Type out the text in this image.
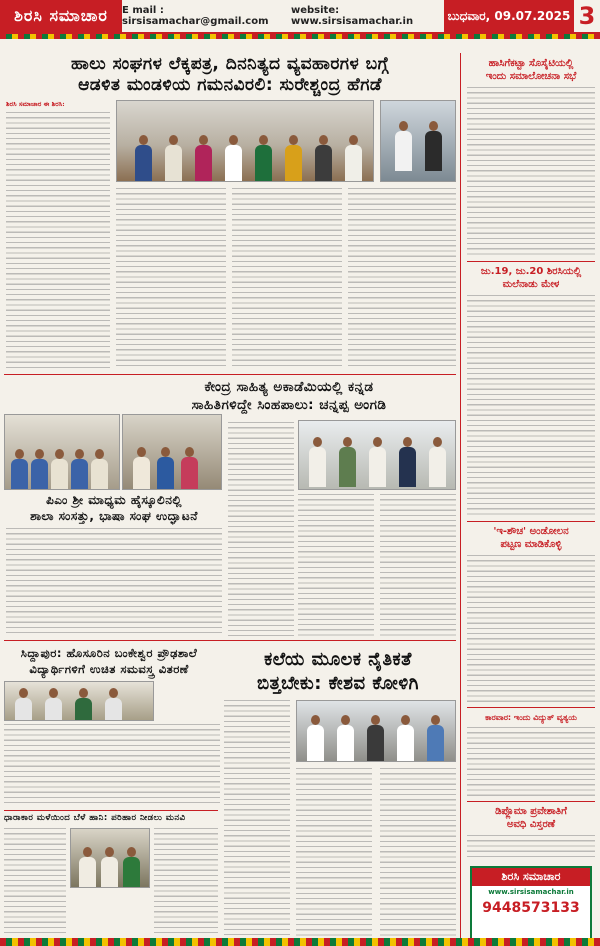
ಶಿರಸಿ ಸಮಾಚಾರ	E mail : sirsisamachar@gmail.com
website: www.sirsisamachar.in	ಬುಧವಾರ, 09.07.2025 3
ಹಾಲು ಸಂಘಗಳ ಲೆಕ್ಕಪತ್ರ, ದಿನನಿತ್ಯದ ವ್ಯವಹಾರಗಳ ಬಗ್ಗೆ
ಆಡಳಿತ ಮಂಡಳಿಯ ಗಮನವಿರಲಿ: ಸುರೇಶ್ಚಂದ್ರ ಹೆಗಡೆ
ಶಿರಸಿ ಸಮಾಚಾರ ಈ ಶಿರಸಿ:
ಕೇಂದ್ರ ಸಾಹಿತ್ಯ ಅಕಾಡೆಮಿಯಲ್ಲಿ ಕನ್ನಡ
ಸಾಹಿತಿಗಳಿದ್ದೇ ಸಿಂಹಪಾಲು: ಚನ್ನಪ್ಪ ಅಂಗಡಿ
ಪಿಎಂ ಶ್ರೀ ಮಾಧ್ಯಮ ಹೈಸ್ಕೂಲಿನಲ್ಲಿ
ಶಾಲಾ ಸಂಸತ್ತು, ಭಾಷಾ ಸಂಘ ಉದ್ಘಾಟನೆ
ಸಿದ್ದಾಪುರ: ಹೊಸೂರಿನ ಬಂಕೇಶ್ವರ ಪ್ರೌಢಶಾಲೆ
ವಿದ್ಯಾರ್ಥಿಗಳಿಗೆ ಉಚಿತ ಸಮವಸ್ತ್ರ ವಿತರಣೆ	ಕಲೆಯ ಮೂಲಕ ನೈತಿಕತೆ
ಬಿತ್ತಬೇಕು: ಕೇಶವ ಕೋಳಿಗಿ
ಧಾರಾಕಾರ ಮಳೆಯಿಂದ ಬೆಳೆ ಹಾನಿ: ಪರಿಹಾರ ನೀಡಲು ಮನವಿ
ಹಾಸಿಗೆಕಟ್ಟಾ ಸೊಸೈಟಿಯಲ್ಲಿ
ಇಂದು ಸಮಾಲೋಚನಾ ಸಭೆ
ಜು.19, ಜು.20 ಶಿರಸಿಯಲ್ಲಿ
ಮಲೆನಾಡು ಮೇಳ
'ಇ-ಶೌಚ' ಅಂಡೋಲನ
ಪಟ್ಟಣ ಮಾಡಿಕೊಳ್ಳಿ
ಕಾರವಾರ: ಇಂದು ವಿದ್ಯುತ್‌ ವ್ಯತ್ಯಯ
ಡಿಪ್ಲೊಮಾ ಪ್ರವೇಶಾತಿಗೆ
ಅವಧಿ ವಿಸ್ತರಣೆ
ಶಿರಸಿ ಸಮಾಚಾರ
www.sirsisamachar.in
9448573133
